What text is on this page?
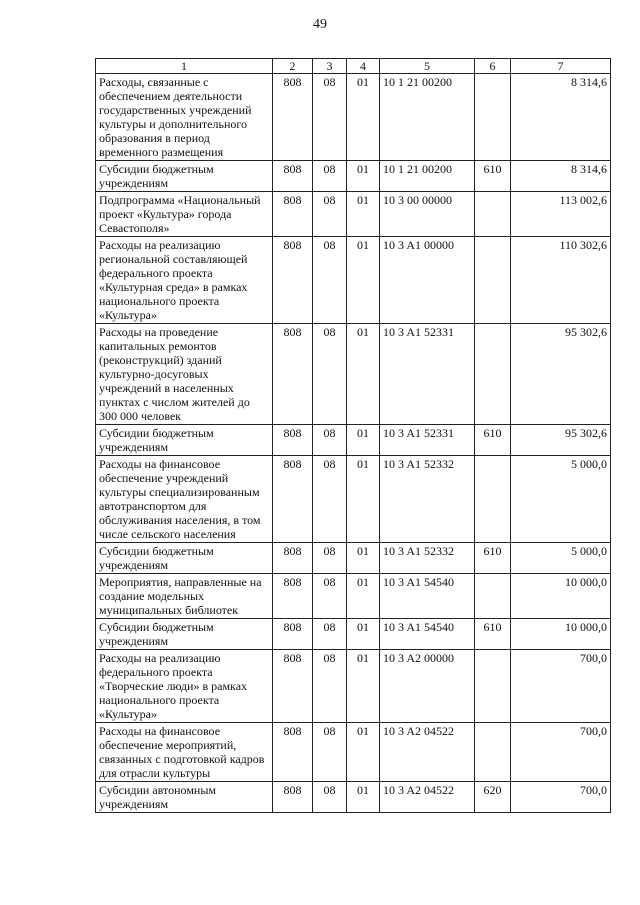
49
1	2	3	4	5	6	7
Расходы, связанные с обеспечением деятельности государственных учреждений культуры и дополнительного образования в период временного размещения	808	08	01	10 1 21 00200		8 314,6
Субсидии бюджетным учреждениям	808	08	01	10 1 21 00200	610	8 314,6
Подпрограмма «Национальный проект «Культура» города Севастополя»	808	08	01	10 3 00 00000		113 002,6
Расходы на реализацию региональной составляющей федерального проекта «Культурная среда» в рамках национального проекта «Культура»	808	08	01	10 3 A1 00000		110 302,6
Расходы на проведение капитальных ремонтов (реконструкций) зданий культурно-досуговых учреждений в населенных пунктах с числом жителей до 300 000 человек	808	08	01	10 3 A1 52331		95 302,6
Субсидии бюджетным учреждениям	808	08	01	10 3 A1 52331	610	95 302,6
Расходы на финансовое обеспечение учреждений культуры специализированным автотранспортом для обслуживания населения, в том числе сельского населения	808	08	01	10 3 A1 52332		5 000,0
Субсидии бюджетным учреждениям	808	08	01	10 3 A1 52332	610	5 000,0
Мероприятия, направленные на создание модельных муниципальных библиотек	808	08	01	10 3 A1 54540		10 000,0
Субсидии бюджетным учреждениям	808	08	01	10 3 A1 54540	610	10 000,0
Расходы на реализацию федерального проекта «Творческие люди» в рамках национального проекта «Культура»	808	08	01	10 3 A2 00000		700,0
Расходы на финансовое обеспечение мероприятий, связанных с подготовкой кадров для отрасли культуры	808	08	01	10 3 A2 04522		700,0
Субсидии автономным учреждениям	808	08	01	10 3 A2 04522	620	700,0
